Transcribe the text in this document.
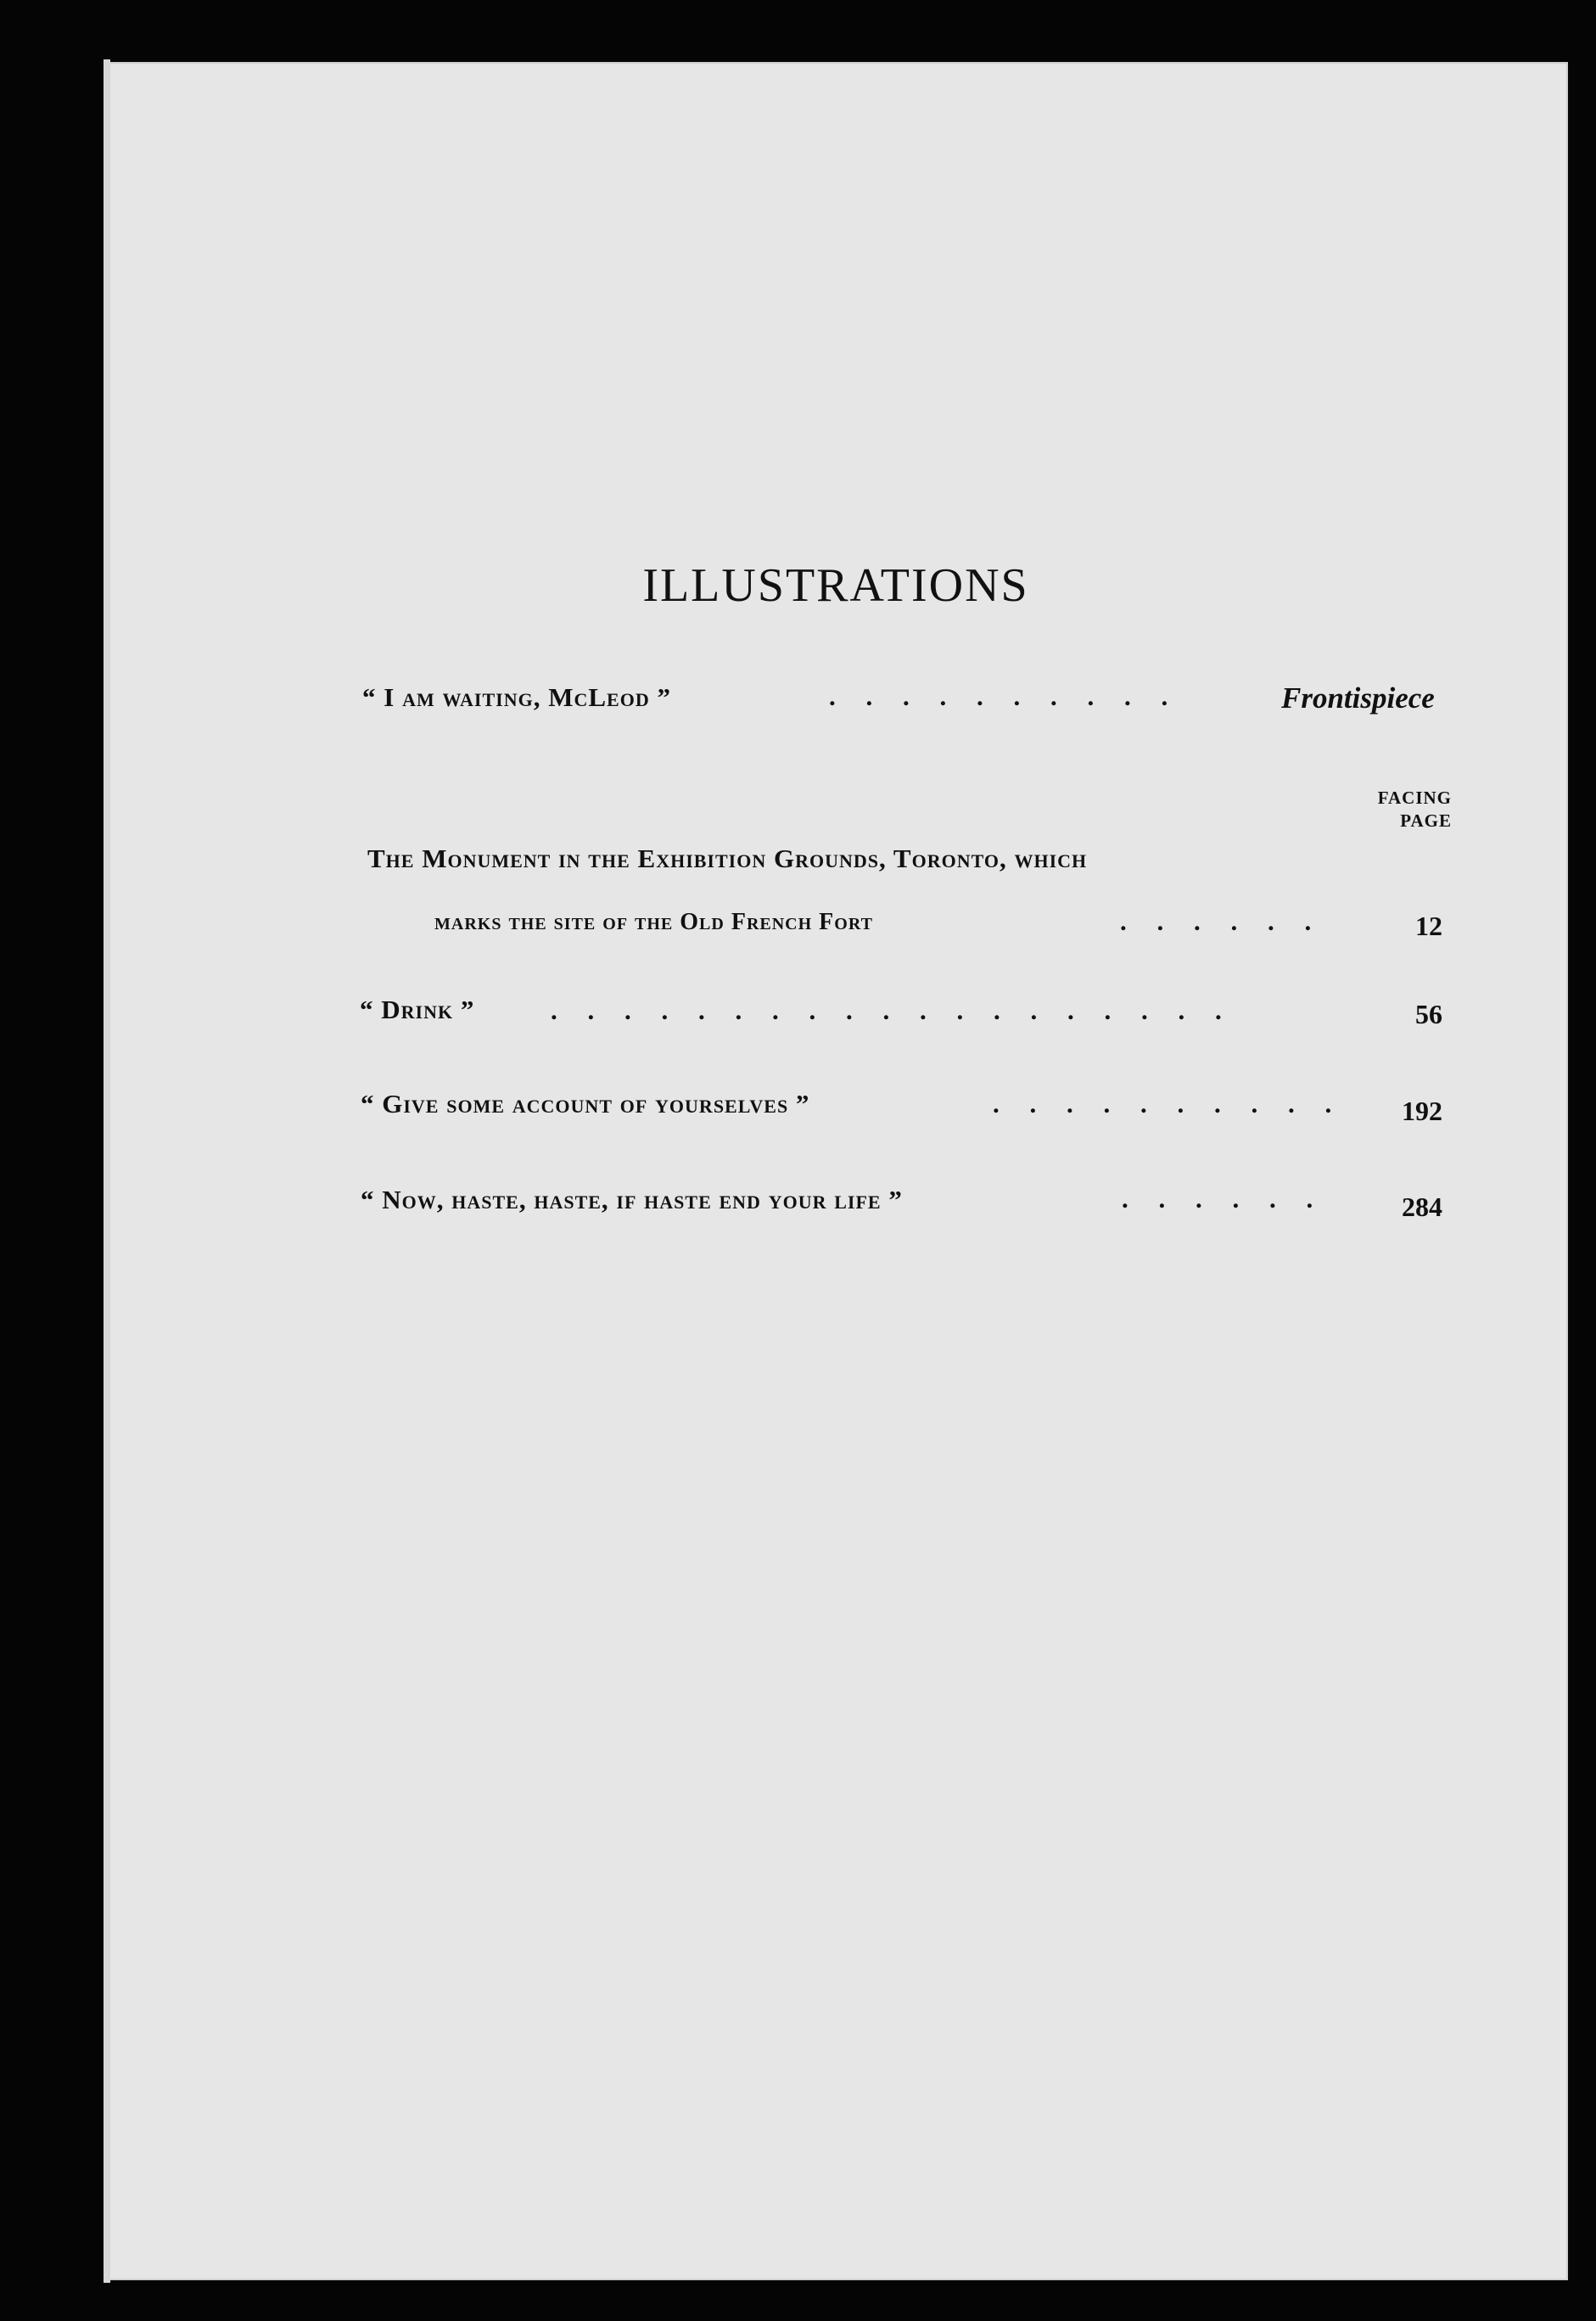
ILLUSTRATIONS
“ I am waiting, McLeod ”	. . . . . . . . . .	Frontispiece
FACING
PAGE
The Monument in the Exhibition Grounds, Toronto, which
marks the site of the Old French Fort	. . . . . .	12
“ Drink ”	. . . . . . . . . . . . . . . . . . .	56
“ Give some account of yourselves ”	. . . . . . . . . . 192
“ Now, haste, haste, if haste end your life ”	. . . . . .	284
